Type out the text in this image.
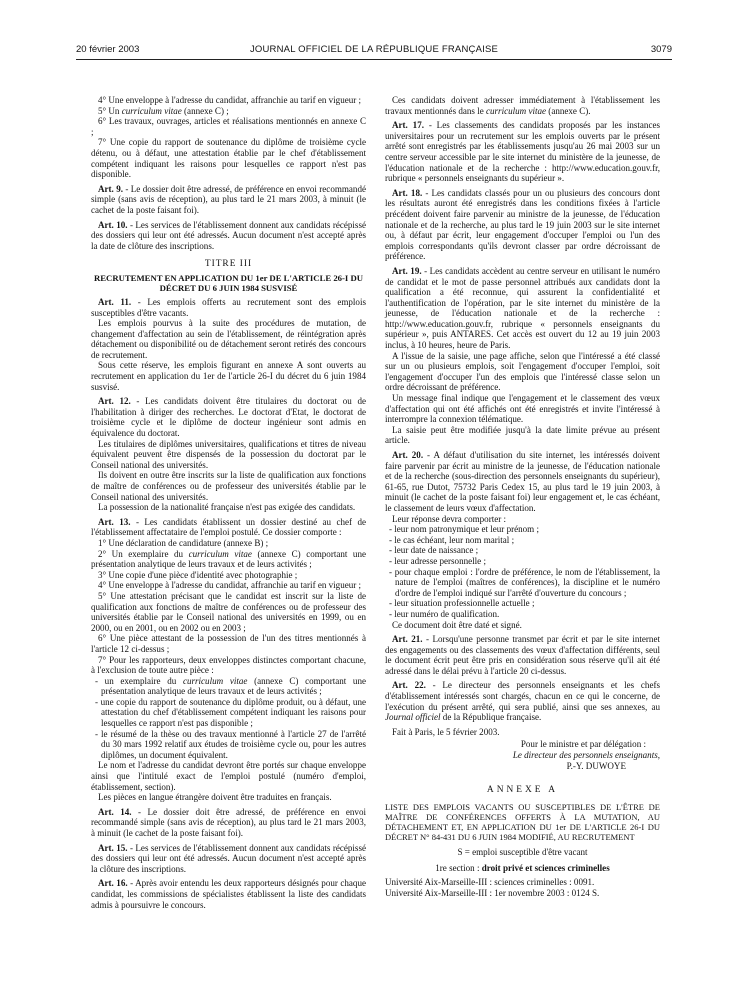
20 février 2003	JOURNAL OFFICIEL DE LA RÉPUBLIQUE FRANÇAISE	3079

4° Une enveloppe à l'adresse du candidat, affranchie au tarif en vigueur ;

5° Un curriculum vitae (annexe C) ;

6° Les travaux, ouvrages, articles et réalisations mentionnés en annexe C ;

7° Une copie du rapport de soutenance du diplôme de troisième cycle détenu, ou à défaut, une attestation établie par le chef d'établissement compétent indiquant les raisons pour lesquelles ce rapport n'est pas disponible.

Art. 9. - Le dossier doit être adressé, de préférence en envoi recommandé simple (sans avis de réception), au plus tard le 21 mars 2003, à minuit (le cachet de la poste faisant foi).

Art. 10. - Les services de l'établissement donnent aux candidats récépissé des dossiers qui leur ont été adressés. Aucun document n'est accepté après la date de clôture des inscriptions.

TITRE III

RECRUTEMENT EN APPLICATION DU 1er DE L'ARTICLE 26-I DU DÉCRET DU 6 JUIN 1984 SUSVISÉ

Art. 11. - Les emplois offerts au recrutement sont des emplois susceptibles d'être vacants.

Les emplois pourvus à la suite des procédures de mutation, de changement d'affectation au sein de l'établissement, de réintégration après détachement ou disponibilité ou de détachement seront retirés des concours de recrutement.

Sous cette réserve, les emplois figurant en annexe A sont ouverts au recrutement en application du 1er de l'article 26-I du décret du 6 juin 1984 susvisé.

Art. 12. - Les candidats doivent être titulaires du doctorat ou de l'habilitation à diriger des recherches. Le doctorat d'Etat, le doctorat de troisième cycle et le diplôme de docteur ingénieur sont admis en équivalence du doctorat.

Les titulaires de diplômes universitaires, qualifications et titres de niveau équivalent peuvent être dispensés de la possession du doctorat par le Conseil national des universités.

Ils doivent en outre être inscrits sur la liste de qualification aux fonctions de maître de conférences ou de professeur des universités établie par le Conseil national des universités.

La possession de la nationalité française n'est pas exigée des candidats.

Art. 13. - Les candidats établissent un dossier destiné au chef de l'établissement affectataire de l'emploi postulé. Ce dossier comporte :

1° Une déclaration de candidature (annexe B) ;

2° Un exemplaire du curriculum vitae (annexe C) comportant une présentation analytique de leurs travaux et de leurs activités ;

3° Une copie d'une pièce d'identité avec photographie ;

4° Une enveloppe à l'adresse du candidat, affranchie au tarif en vigueur ;

5° Une attestation précisant que le candidat est inscrit sur la liste de qualification aux fonctions de maître de conférences ou de professeur des universités établie par le Conseil national des universités en 1999, ou en 2000, ou en 2001, ou en 2002 ou en 2003 ;

6° Une pièce attestant de la possession de l'un des titres mentionnés à l'article 12 ci-dessus ;

7° Pour les rapporteurs, deux enveloppes distinctes comportant chacune, à l'exclusion de toute autre pièce :

- un exemplaire du curriculum vitae (annexe C) comportant une présentation analytique de leurs travaux et de leurs activités ;

- une copie du rapport de soutenance du diplôme produit, ou à défaut, une attestation du chef d'établissement compétent indiquant les raisons pour lesquelles ce rapport n'est pas disponible ;

- le résumé de la thèse ou des travaux mentionné à l'article 27 de l'arrêté du 30 mars 1992 relatif aux études de troisième cycle ou, pour les autres diplômes, un document équivalent.

Le nom et l'adresse du candidat devront être portés sur chaque enveloppe ainsi que l'intitulé exact de l'emploi postulé (numéro d'emploi, établissement, section).

Les pièces en langue étrangère doivent être traduites en français.

Art. 14. - Le dossier doit être adressé, de préférence en envoi recommandé simple (sans avis de réception), au plus tard le 21 mars 2003, à minuit (le cachet de la poste faisant foi).

Art. 15. - Les services de l'établissement donnent aux candidats récépissé des dossiers qui leur ont été adressés. Aucun document n'est accepté après la clôture des inscriptions.

Art. 16. - Après avoir entendu les deux rapporteurs désignés pour chaque candidat, les commissions de spécialistes établissent la liste des candidats admis à poursuivre le concours.

Ces candidats doivent adresser immédiatement à l'établissement les travaux mentionnés dans le curriculum vitae (annexe C).

Art. 17. - Les classements des candidats proposés par les instances universitaires pour un recrutement sur les emplois ouverts par le présent arrêté sont enregistrés par les établissements jusqu'au 26 mai 2003 sur un centre serveur accessible par le site internet du ministère de la jeunesse, de l'éducation nationale et de la recherche : http://www.education.gouv.fr, rubrique « personnels enseignants du supérieur ».

Art. 18. - Les candidats classés pour un ou plusieurs des concours dont les résultats auront été enregistrés dans les conditions fixées à l'article précédent doivent faire parvenir au ministre de la jeunesse, de l'éducation nationale et de la recherche, au plus tard le 19 juin 2003 sur le site internet ou, à défaut par écrit, leur engagement d'occuper l'emploi ou l'un des emplois correspondants qu'ils devront classer par ordre décroissant de préférence.

Art. 19. - Les candidats accèdent au centre serveur en utilisant le numéro de candidat et le mot de passe personnel attribués aux candidats dont la qualification a été reconnue, qui assurent la confidentialité et l'authentification de l'opération, par le site internet du ministère de la jeunesse, de l'éducation nationale et de la recherche : http://www.education.gouv.fr, rubrique « personnels enseignants du supérieur », puis ANTARES. Cet accès est ouvert du 12 au 19 juin 2003 inclus, à 10 heures, heure de Paris.

A l'issue de la saisie, une page affiche, selon que l'intéressé a été classé sur un ou plusieurs emplois, soit l'engagement d'occuper l'emploi, soit l'engagement d'occuper l'un des emplois que l'intéressé classe selon un ordre décroissant de préférence.

Un message final indique que l'engagement et le classement des vœux d'affectation qui ont été affichés ont été enregistrés et invite l'intéressé à interrompre la connexion télématique.

La saisie peut être modifiée jusqu'à la date limite prévue au présent article.

Art. 20. - A défaut d'utilisation du site internet, les intéressés doivent faire parvenir par écrit au ministre de la jeunesse, de l'éducation nationale et de la recherche (sous-direction des personnels enseignants du supérieur), 61-65, rue Dutot, 75732 Paris Cedex 15, au plus tard le 19 juin 2003, à minuit (le cachet de la poste faisant foi) leur engagement et, le cas échéant, le classement de leurs vœux d'affectation.

Leur réponse devra comporter :

- leur nom patronymique et leur prénom ;

- le cas échéant, leur nom marital ;

- leur date de naissance ;

- leur adresse personnelle ;

- pour chaque emploi : l'ordre de préférence, le nom de l'établissement, la nature de l'emploi (maîtres de conférences), la discipline et le numéro d'ordre de l'emploi indiqué sur l'arrêté d'ouverture du concours ;

- leur situation professionnelle actuelle ;

- leur numéro de qualification.

Ce document doit être daté et signé.

Art. 21. - Lorsqu'une personne transmet par écrit et par le site internet des engagements ou des classements des vœux d'affectation différents, seul le document écrit peut être pris en considération sous réserve qu'il ait été adressé dans le délai prévu à l'article 20 ci-dessus.

Art. 22. - Le directeur des personnels enseignants et les chefs d'établissement intéressés sont chargés, chacun en ce qui le concerne, de l'exécution du présent arrêté, qui sera publié, ainsi que ses annexes, au Journal officiel de la République française.

Fait à Paris, le 5 février 2003.

Pour le ministre et par délégation :

Le directeur des personnels enseignants,

P.-Y. DUWOYE

ANNEXE A

LISTE DES EMPLOIS VACANTS OU SUSCEPTIBLES DE L'ÊTRE DE MAÎTRE DE CONFÉRENCES OFFERTS À LA MUTATION, AU DÉTACHEMENT ET, EN APPLICATION DU 1er DE L'ARTICLE 26-I DU DÉCRET N° 84-431 DU 6 JUIN 1984 MODIFIÉ, AU RECRUTEMENT

S = emploi susceptible d'être vacant

1re section : droit privé et sciences criminelles

Université Aix-Marseille-III : sciences criminelles : 0091.

Université Aix-Marseille-III : 1er novembre 2003 : 0124 S.
